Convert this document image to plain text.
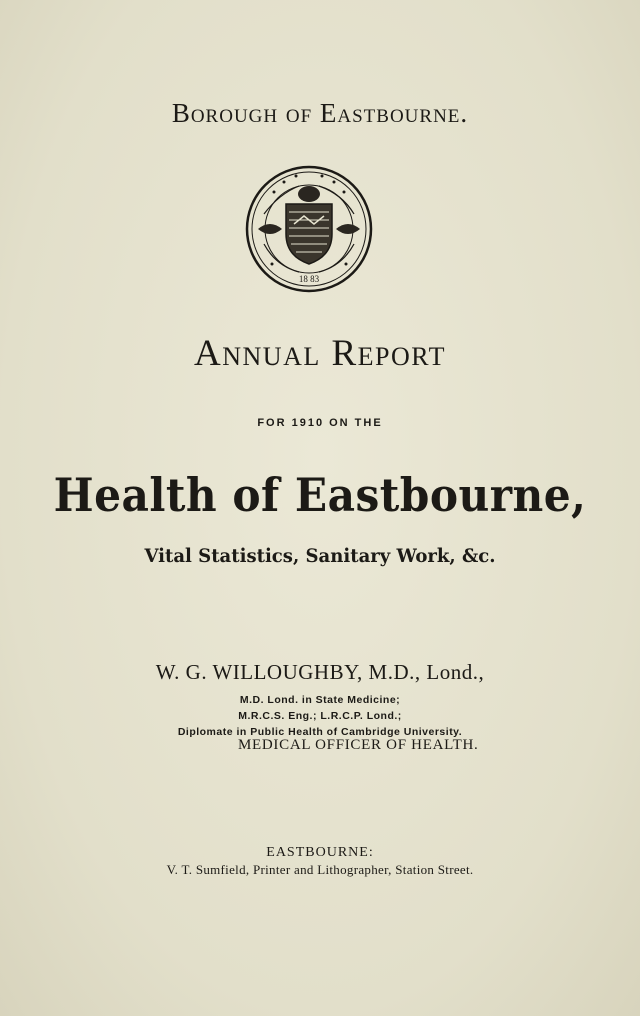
Borough of Eastbourne.
18 83
Annual Report
FOR 1910 ON THE
Health of Eastbourne,
Vital Statistics, Sanitary Work, &c.
W. G. WILLOUGHBY, M.D., Lond.,
M.D. Lond. in State Medicine;
M.R.C.S. Eng.; L.R.C.P. Lond.;
Diplomate in Public Health of Cambridge University.
MEDICAL OFFICER OF HEALTH.
EASTBOURNE:
V. T. Sumfield, Printer and Lithographer, Station Street.
